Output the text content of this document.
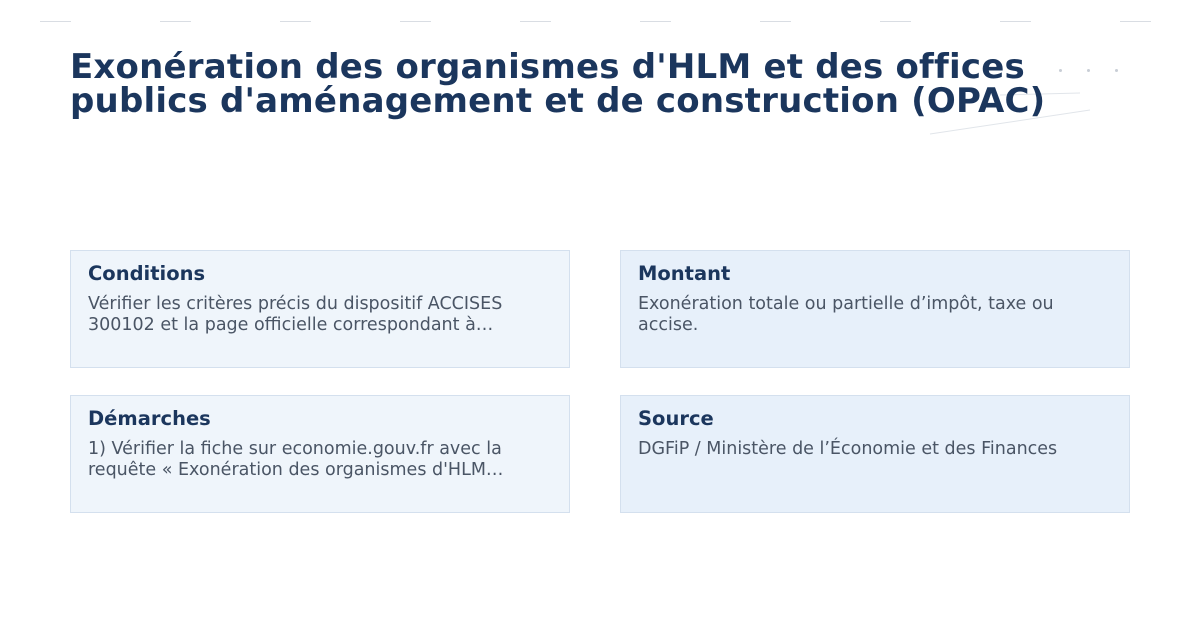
Exonération des organismes d'HLM et des offices publics d'aménagement et de construction (OPAC)
Conditions

Vérifier les critères précis du dispositif ACCISES 300102 et la page officielle correspondant à…

Montant

Exonération totale ou partielle d’impôt, taxe ou accise.

Démarches

1) Vérifier la fiche sur economie.gouv.fr avec la requête « Exonération des organismes d'HLM…

Source

DGFiP / Ministère de l’Économie et des Finances
